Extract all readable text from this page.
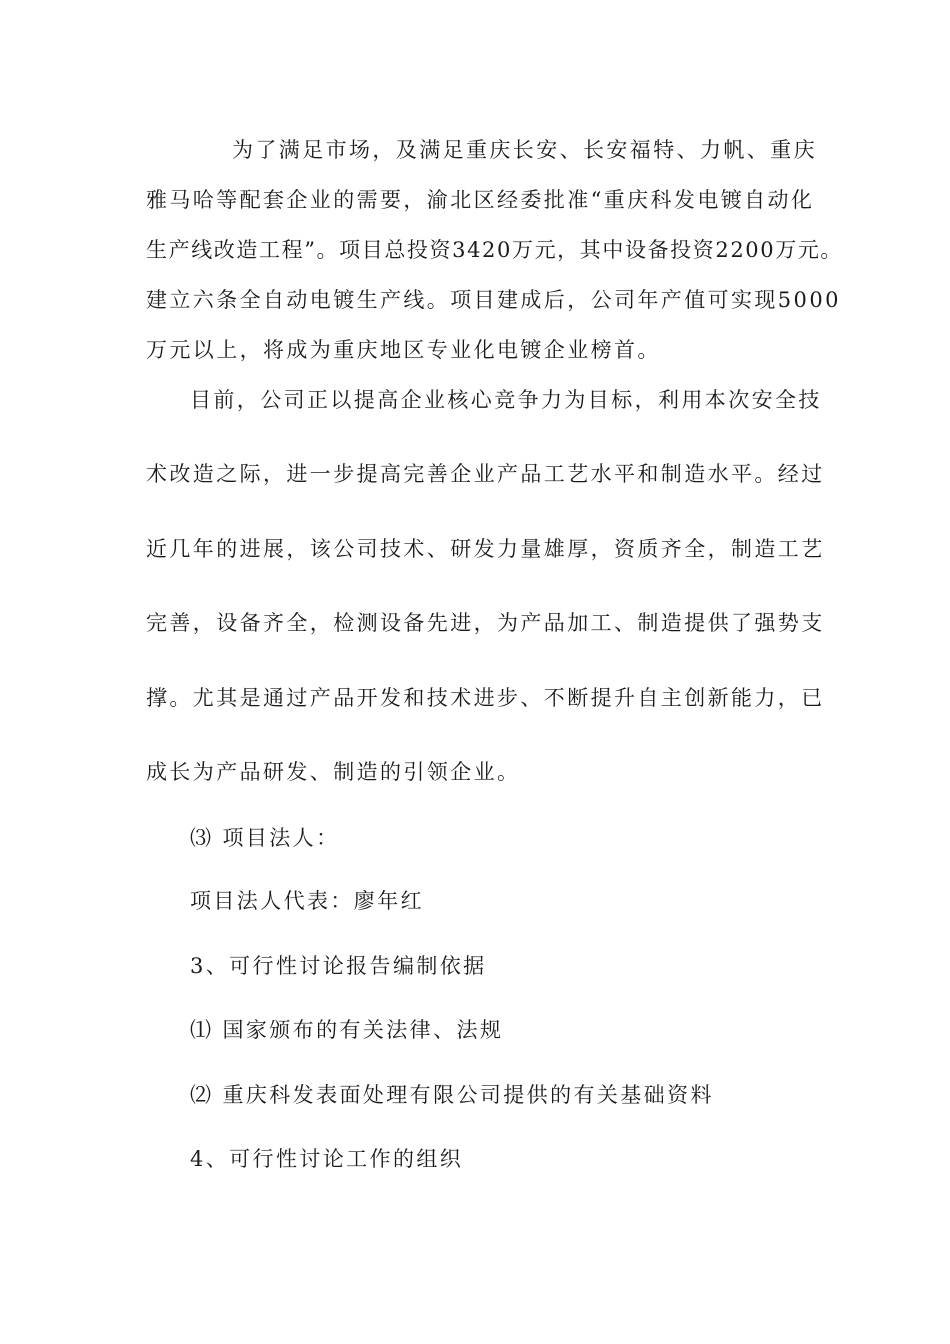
为了满足市场，及满足重庆长安、长安福特、力帆、重庆
雅马哈等配套企业的需要，渝北区经委批准“重庆科发电镀自动化
生产线改造工程”。项目总投资3420万元，其中设备投资2200万元。
建立六条全自动电镀生产线。项目建成后，公司年产值可实现5000
万元以上，将成为重庆地区专业化电镀企业榜首。
目前，公司正以提高企业核心竞争力为目标，利用本次安全技
术改造之际，进一步提高完善企业产品工艺水平和制造水平。经过
近几年的进展，该公司技术、研发力量雄厚，资质齐全，制造工艺
完善，设备齐全，检测设备先进，为产品加工、制造提供了强势支
撑。尤其是通过产品开发和技术进步、不断提升自主创新能力，已
成长为产品研发、制造的引领企业。
⑶ 项目法人：
项目法人代表：廖年红
3、可行性讨论报告编制依据
⑴ 国家颁布的有关法律、法规
⑵ 重庆科发表面处理有限公司提供的有关基础资料
4、可行性讨论工作的组织
